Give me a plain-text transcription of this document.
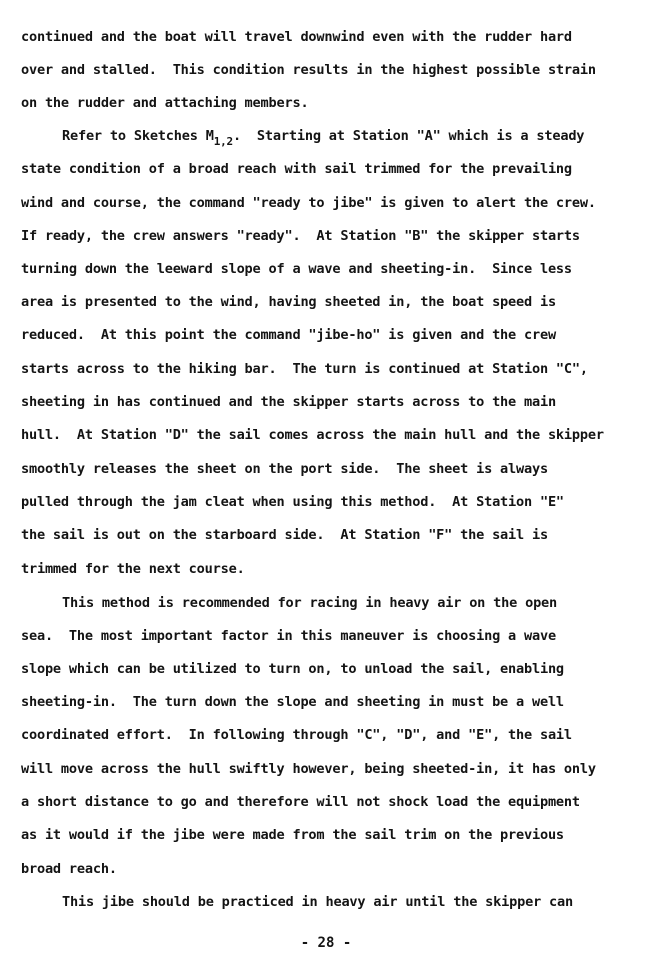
continued and the boat will travel downwind even with the rudder hard
over and stalled.  This condition results in the highest possible strain
on the rudder and attaching members.
Refer to Sketches $M_{1,2}$.  Starting at Station "A" which is a steady
state condition of a broad reach with sail trimmed for the prevailing
wind and course, the command "ready to jibe" is given to alert the crew.
If ready, the crew answers "ready".  At Station "B" the skipper starts
turning down the leeward slope of a wave and sheeting-in.  Since less
area is presented to the wind, having sheeted in, the boat speed is
reduced.  At this point the command "jibe-ho" is given and the crew
starts across to the hiking bar.  The turn is continued at Station "C",
sheeting in has continued and the skipper starts across to the main
hull.  At Station "D" the sail comes across the main hull and the skipper
smoothly releases the sheet on the port side.  The sheet is always
pulled through the jam cleat when using this method.  At Station "E"
the sail is out on the starboard side.  At Station "F" the sail is
trimmed for the next course.
This method is recommended for racing in heavy air on the open
sea.  The most important factor in this maneuver is choosing a wave
slope which can be utilized to turn on, to unload the sail, enabling
sheeting-in.  The turn down the slope and sheeting in must be a well
coordinated effort.  In following through "C", "D", and "E", the sail
will move across the hull swiftly however, being sheeted-in, it has only
a short distance to go and therefore will not shock load the equipment
as it would if the jibe were made from the sail trim on the previous
broad reach.
This jibe should be practiced in heavy air until the skipper can
- 28 -
